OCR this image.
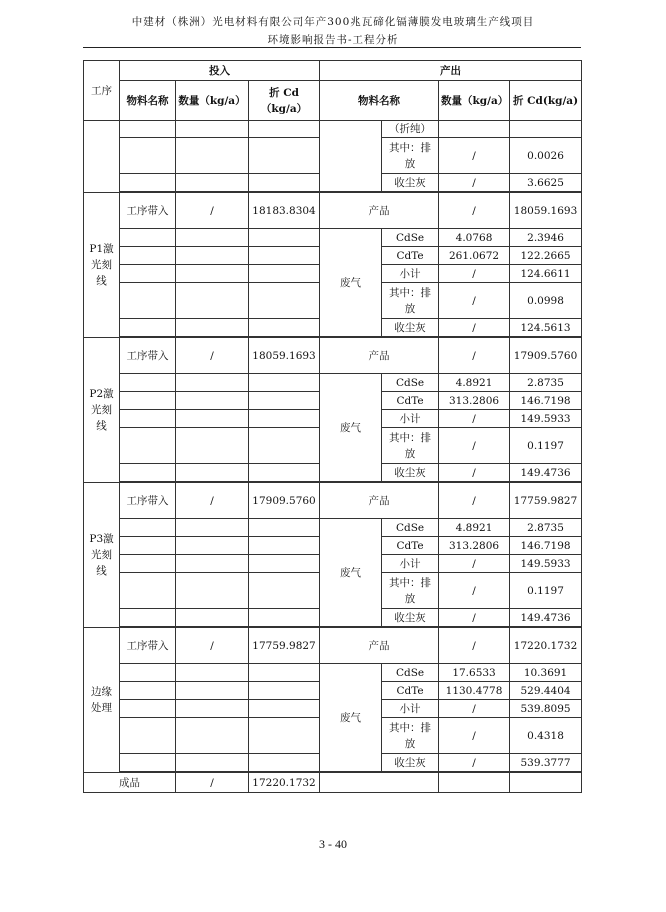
中建材（株洲）光电材料有限公司年产300兆瓦碲化镉薄膜发电玻璃生产线项目
环境影响报告书-工程分析
工序	投入			产出			
	物料名称	数量（kg/a）	折 Cd（kg/a）	物料名称		数量（kg/a）	折 Cd(kg/a)
					（折纯）		
					其中：排放	/	0.0026
					收尘灰	/	3.6625

P1激光刻线	工序带入	/	18183.8304	产品		/	18059.1693
				废气	CdSe	4.0768	2.3946
					CdTe	261.0672	122.2665
					小计	/	124.6611
					其中：排放	/	0.0998
					收尘灰	/	124.5613

P2激光刻线	工序带入	/	18059.1693	产品		/	17909.5760
				废气	CdSe	4.8921	2.8735
					CdTe	313.2806	146.7198
					小计	/	149.5933
					其中：排放	/	0.1197
					收尘灰	/	149.4736

P3激光刻线	工序带入	/	17909.5760	产品		/	17759.9827
				废气	CdSe	4.8921	2.8735
					CdTe	313.2806	146.7198
					小计	/	149.5933
					其中：排放	/	0.1197
					收尘灰	/	149.4736

边缘处理	工序带入	/	17759.9827	产品		/	17220.1732
				废气	CdSe	17.6533	10.3691
					CdTe	1130.4778	529.4404
					小计	/	539.8095
					其中：排放	/	0.4318
					收尘灰	/	539.3777

成品		/	17220.1732				
3 - 40
